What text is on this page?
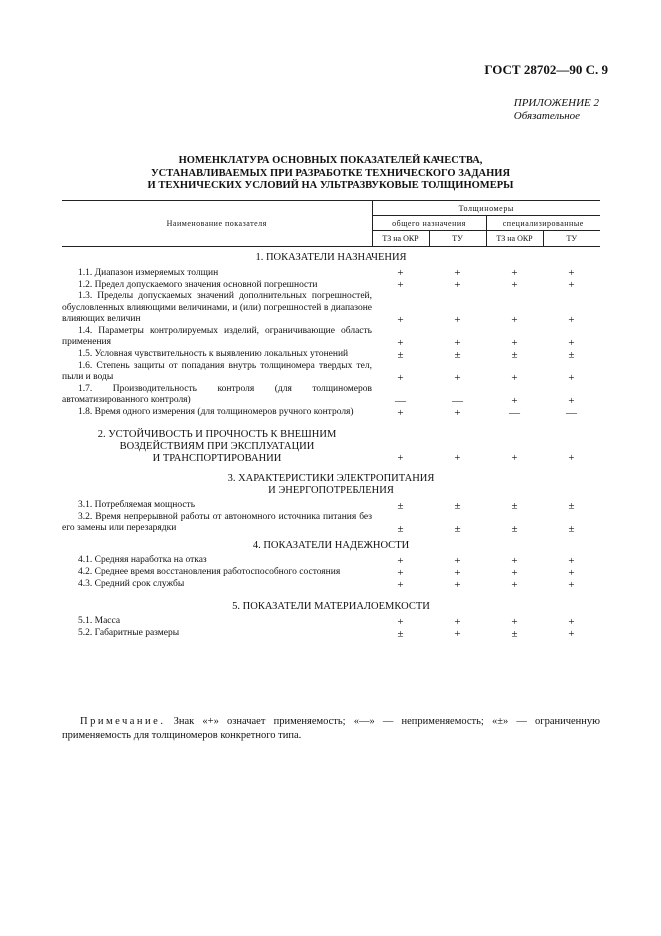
ГОСТ 28702—90 С. 9
ПРИЛОЖЕНИЕ 2
Обязательное
НОМЕНКЛАТУРА ОСНОВНЫХ ПОКАЗАТЕЛЕЙ КАЧЕСТВА,
УСТАНАВЛИВАЕМЫХ ПРИ РАЗРАБОТКЕ ТЕХНИЧЕСКОГО ЗАДАНИЯ
И ТЕХНИЧЕСКИХ УСЛОВИЙ НА УЛЬТРАЗВУКОВЫЕ ТОЛЩИНОМЕРЫ
Наименование показателя	Толщиномеры			
	общего назначения		специализированные	
	ТЗ на ОКР	ТУ	ТЗ на ОКР	ТУ
1. ПОКАЗАТЕЛИ НАЗНАЧЕНИЯ				
1.1. Диапазон измеряемых толщин	+	+	+	+
1.2. Предел допускаемого значения основной погрешности	+	+	+	+
1.3. Пределы допускаемых значений дополнительных погрешностей, обусловленных влияющими величинами, и (или) погрешностей в диапазоне влияющих величин	+	+	+	+
1.4. Параметры контролируемых изделий, ограничивающие область применения	+	+	+	+
1.5. Условная чувствительность к выявлению локальных утонений	±	±	±	±
1.6. Степень защиты от попадания внутрь толщиномера твердых тел, пыли и воды	+	+	+	+
1.7. Производительность контроля (для толщиномеров автоматизированного контроля)	—	—	+	+
1.8. Время одного измерения (для толщиномеров ручного контроля)	+	+	—	—

2. УСТОЙЧИВОСТЬ И ПРОЧНОСТЬ К ВНЕШНИМ
ВОЗДЕЙСТВИЯМ ПРИ ЭКСПЛУАТАЦИИ
И ТРАНСПОРТИРОВАНИИ	+	+	+	+

3. ХАРАКТЕРИСТИКИ ЭЛЕКТРОПИТАНИЯ
И ЭНЕРГОПОТРЕБЛЕНИЯ				

3.1. Потребляемая мощность	±	±	±	±
3.2. Время непрерывной работы от автономного источника питания без его замены или перезарядки	±	±	±	±
4. ПОКАЗАТЕЛИ НАДЕЖНОСТИ				
4.1. Средняя наработка на отказ	+	+	+	+
4.2. Среднее время восстановления работоспособного состояния	+	+	+	+
4.3. Средний срок службы	+	+	+	+
5. ПОКАЗАТЕЛИ МАТЕРИАЛОЕМКОСТИ				
5.1. Масса	+	+	+	+
5.2. Габаритные размеры	±	+	±	+
Примечание. Знак «+» означает применяемость; «—» — неприменяемость; «±» — ограниченную применяемость для толщиномеров конкретного типа.
